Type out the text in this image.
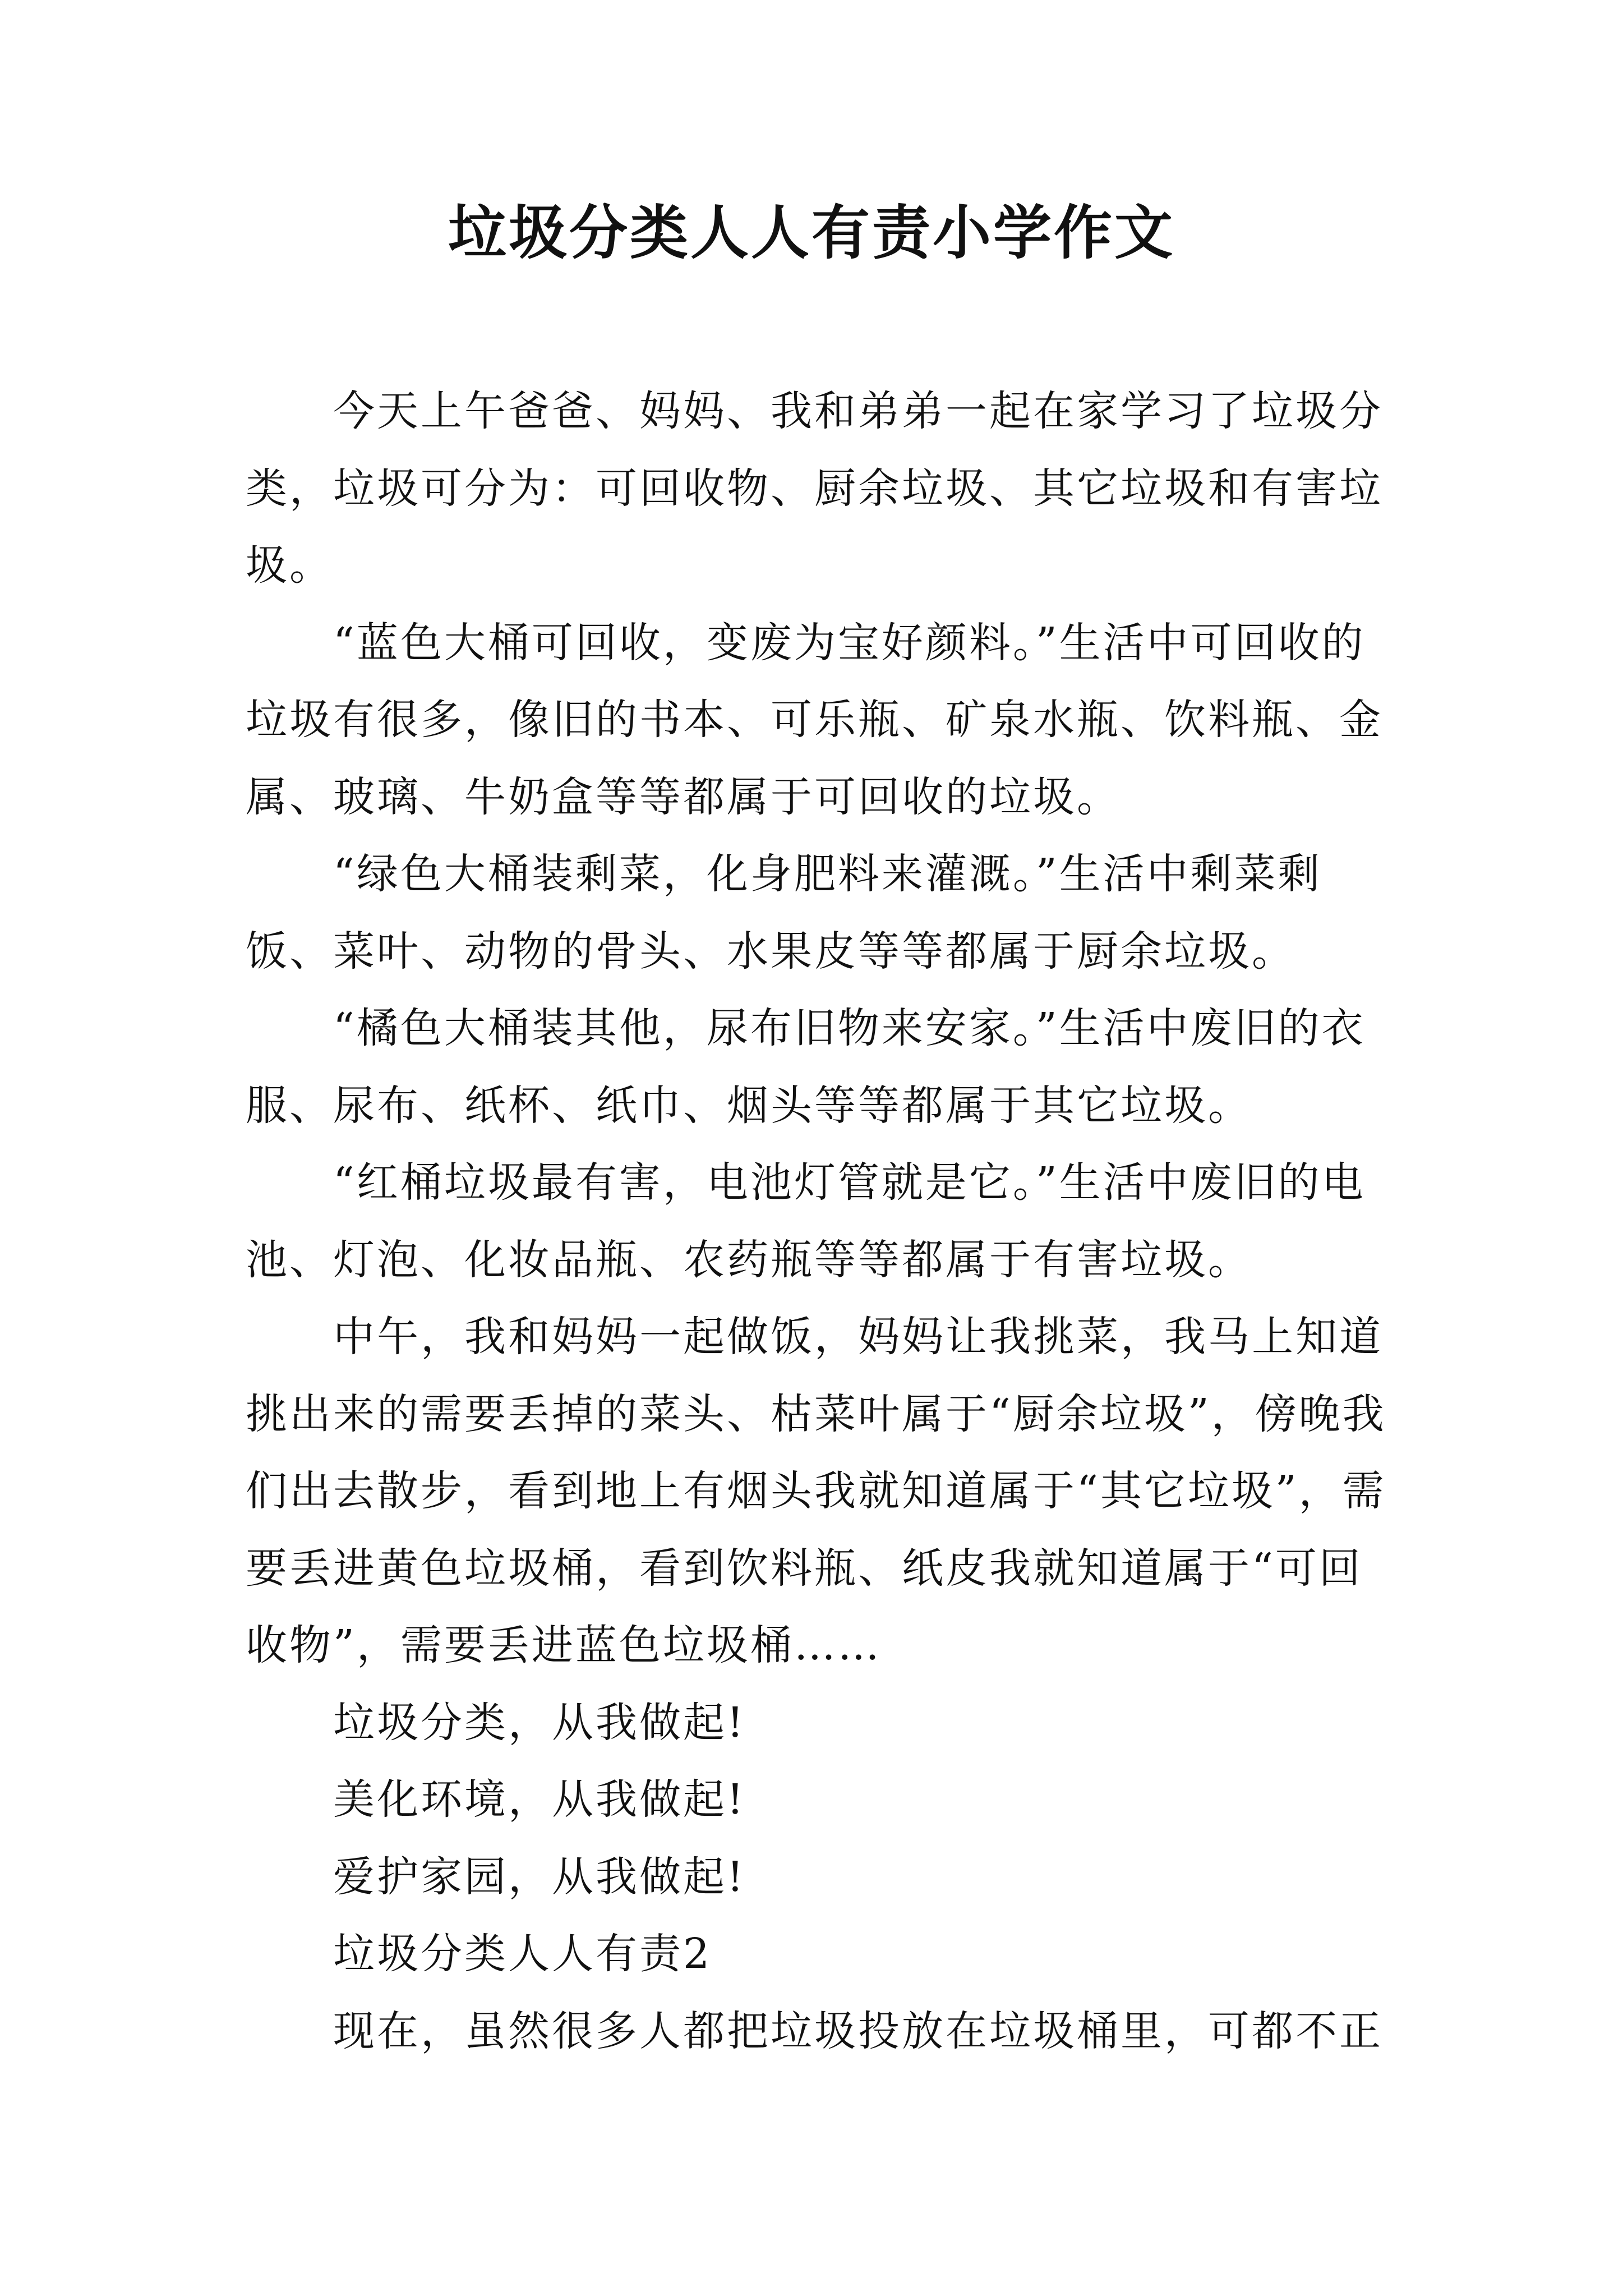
垃圾分类人人有责小学作文

今天上午爸爸、妈妈、我和弟弟一起在家学习了垃圾分类，垃圾可分为：可回收物、厨余垃圾、其它垃圾和有害垃圾。

“蓝色大桶可回收，变废为宝好颜料。”生活中可回收的垃圾有很多，像旧的书本、可乐瓶、矿泉水瓶、饮料瓶、金属、玻璃、牛奶盒等等都属于可回收的垃圾。

“绿色大桶装剩菜，化身肥料来灌溉。”生活中剩菜剩饭、菜叶、动物的骨头、水果皮等等都属于厨余垃圾。

“橘色大桶装其他，尿布旧物来安家。”生活中废旧的衣服、尿布、纸杯、纸巾、烟头等等都属于其它垃圾。

“红桶垃圾最有害，电池灯管就是它。”生活中废旧的电池、灯泡、化妆品瓶、农药瓶等等都属于有害垃圾。

中午，我和妈妈一起做饭，妈妈让我挑菜，我马上知道挑出来的需要丢掉的菜头、枯菜叶属于“厨余垃圾”，傍晚我们出去散步，看到地上有烟头我就知道属于“其它垃圾”，需要丢进黄色垃圾桶，看到饮料瓶、纸皮我就知道属于“可回收物”，需要丢进蓝色垃圾桶……

垃圾分类，从我做起!

美化环境，从我做起!

爱护家园，从我做起!

垃圾分类人人有责2

现在，虽然很多人都把垃圾投放在垃圾桶里，可都不正
